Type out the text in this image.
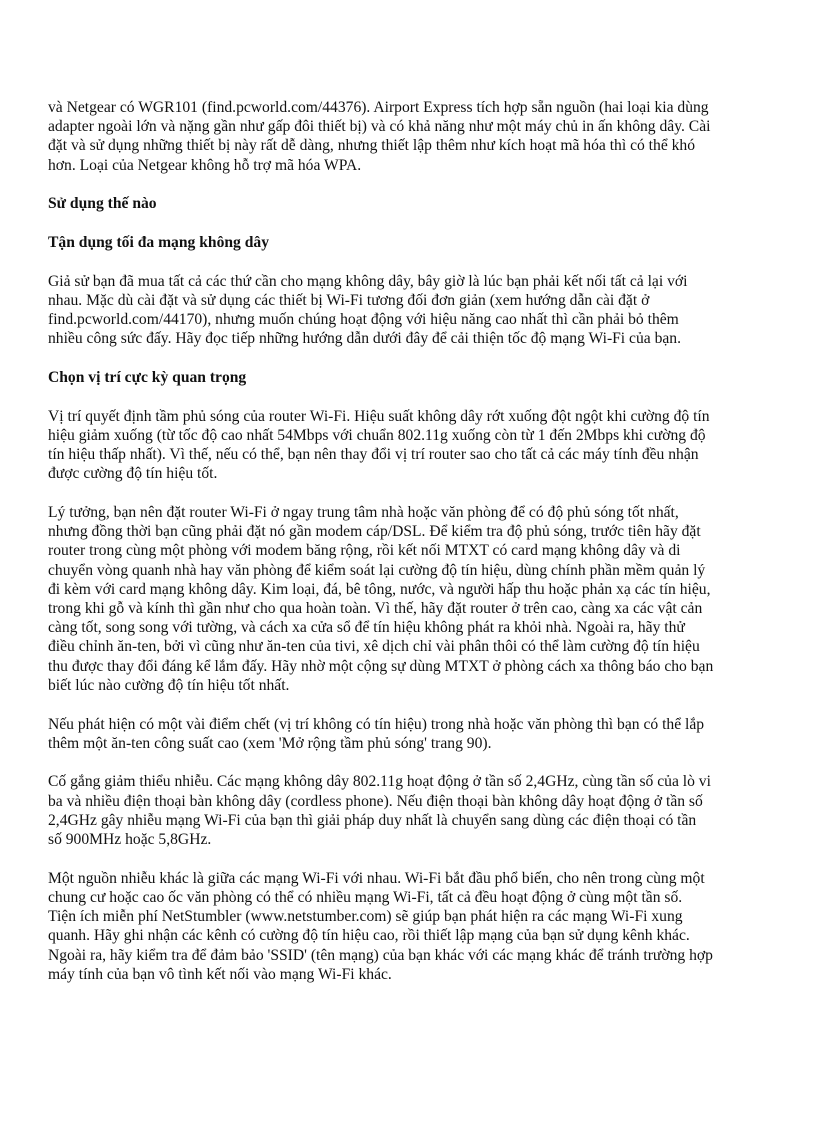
và Netgear có WGR101 (find.pcworld.com/44376). Airport Express tích hợp sẵn nguồn (hai loại kia dùng
adapter ngoài lớn và nặng gần như gấp đôi thiết bị) và có khả năng như một máy chủ in ấn không dây. Cài
đặt và sử dụng những thiết bị này rất dễ dàng, nhưng thiết lập thêm như kích hoạt mã hóa thì có thể khó
hơn. Loại của Netgear không hỗ trợ mã hóa WPA.

Sử dụng thế nào
Tận dụng tối đa mạng không dây

Giả sử bạn đã mua tất cả các thứ cần cho mạng không dây, bây giờ là lúc bạn phải kết nối tất cả lại với
nhau. Mặc dù cài đặt và sử dụng các thiết bị Wi-Fi tương đối đơn giản (xem hướng dẫn cài đặt ở
find.pcworld.com/44170), nhưng muốn chúng hoạt động với hiệu năng cao nhất thì cần phải bỏ thêm
nhiều công sức đấy. Hãy đọc tiếp những hướng dẫn dưới đây để cải thiện tốc độ mạng Wi-Fi của bạn.

Chọn vị trí cực kỳ quan trọng

Vị trí quyết định tầm phủ sóng của router Wi-Fi. Hiệu suất không dây rớt xuống đột ngột khi cường độ tín
hiệu giảm xuống (từ tốc độ cao nhất 54Mbps với chuẩn 802.11g xuống còn từ 1 đến 2Mbps khi cường độ
tín hiệu thấp nhất). Vì thế, nếu có thể, bạn nên thay đổi vị trí router sao cho tất cả các máy tính đều nhận
được cường độ tín hiệu tốt.

Lý tưởng, bạn nên đặt router Wi-Fi ở ngay trung tâm nhà hoặc văn phòng để có độ phủ sóng tốt nhất,
nhưng đồng thời bạn cũng phải đặt nó gần modem cáp/DSL. Để kiểm tra độ phủ sóng, trước tiên hãy đặt
router trong cùng một phòng với modem băng rộng, rồi kết nối MTXT có card mạng không dây và di
chuyển vòng quanh nhà hay văn phòng để kiểm soát lại cường độ tín hiệu, dùng chính phần mềm quản lý
đi kèm với card mạng không dây. Kim loại, đá, bê tông, nước, và người hấp thu hoặc phản xạ các tín hiệu,
trong khi gỗ và kính thì gần như cho qua hoàn toàn. Vì thế, hãy đặt router ở trên cao, càng xa các vật cản
càng tốt, song song với tường, và cách xa cửa sổ để tín hiệu không phát ra khỏi nhà. Ngoài ra, hãy thử
điều chỉnh ăn-ten, bởi vì cũng như ăn-ten của tivi, xê dịch chỉ vài phân thôi có thể làm cường độ tín hiệu
thu được thay đổi đáng kể lắm đấy. Hãy nhờ một cộng sự dùng MTXT ở phòng cách xa thông báo cho bạn
biết lúc nào cường độ tín hiệu tốt nhất.

Nếu phát hiện có một vài điểm chết (vị trí không có tín hiệu) trong nhà hoặc văn phòng thì bạn có thể lắp
thêm một ăn-ten công suất cao (xem 'Mở rộng tầm phủ sóng' trang 90).

Cố gắng giảm thiểu nhiễu. Các mạng không dây 802.11g hoạt động ở tần số 2,4GHz, cùng tần số của lò vi
ba và nhiều điện thoại bàn không dây (cordless phone). Nếu điện thoại bàn không dây hoạt động ở tần số
2,4GHz gây nhiễu mạng Wi-Fi của bạn thì giải pháp duy nhất là chuyển sang dùng các điện thoại có tần
số 900MHz hoặc 5,8GHz.

Một nguồn nhiễu khác là giữa các mạng Wi-Fi với nhau. Wi-Fi bắt đầu phổ biến, cho nên trong cùng một
chung cư hoặc cao ốc văn phòng có thể có nhiều mạng Wi-Fi, tất cả đều hoạt động ở cùng một tần số.
Tiện ích miễn phí NetStumbler (www.netstumber.com) sẽ giúp bạn phát hiện ra các mạng Wi-Fi xung
quanh. Hãy ghi nhận các kênh có cường độ tín hiệu cao, rồi thiết lập mạng của bạn sử dụng kênh khác.
Ngoài ra, hãy kiểm tra để đảm bảo 'SSID' (tên mạng) của bạn khác với các mạng khác để tránh trường hợp
máy tính của bạn vô tình kết nối vào mạng Wi-Fi khác.
